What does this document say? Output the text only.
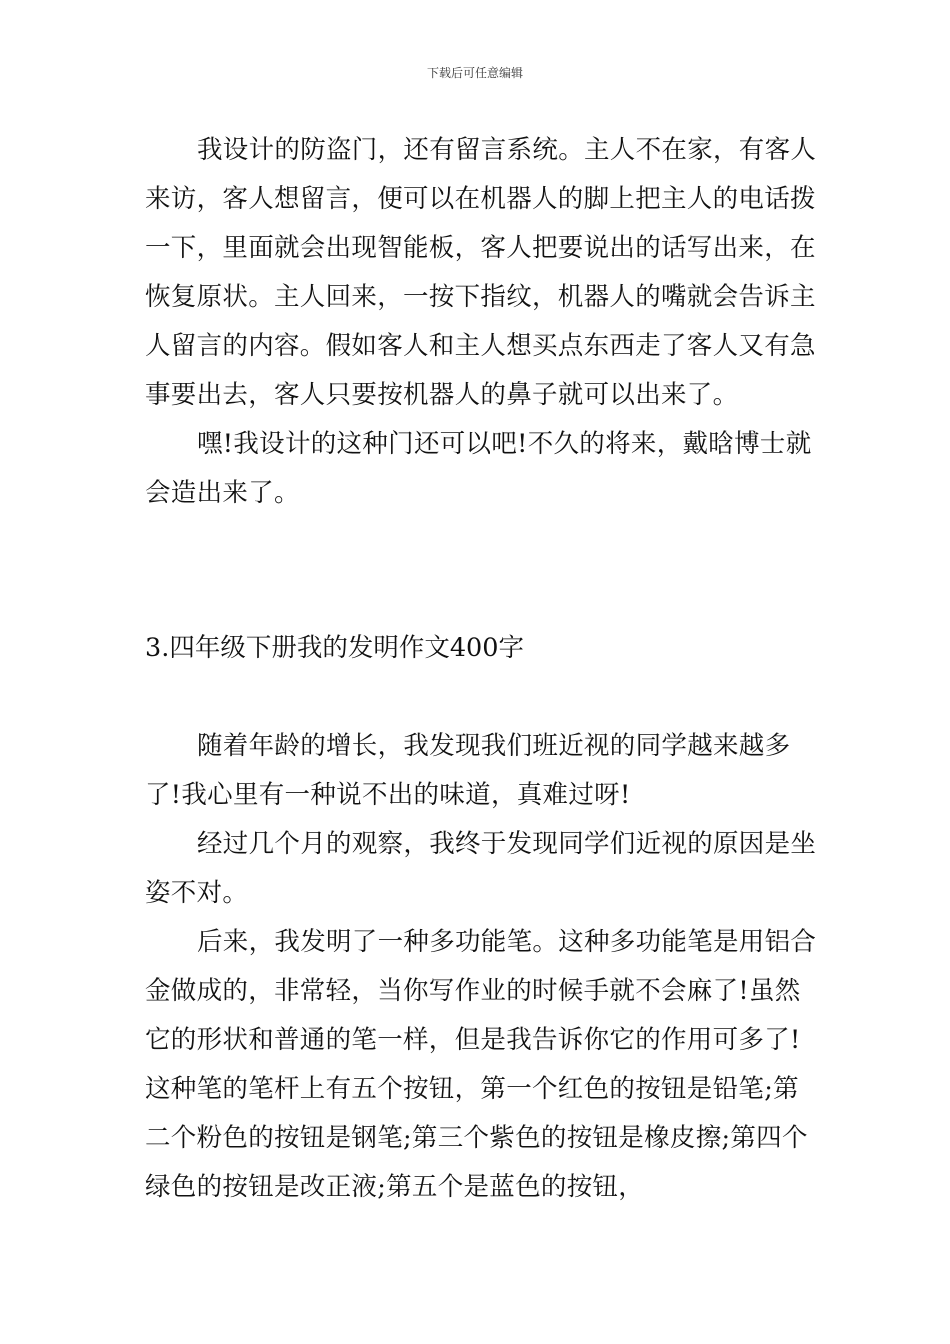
下载后可任意编辑

我设计的防盗门，还有留言系统。主人不在家，有客人来访，客人想留言，便可以在机器人的脚上把主人的电话拨一下，里面就会出现智能板，客人把要说出的话写出来，在恢复原状。主人回来，一按下指纹，机器人的嘴就会告诉主人留言的内容。假如客人和主人想买点东西走了客人又有急事要出去，客人只要按机器人的鼻子就可以出来了。

嘿!我设计的这种门还可以吧!不久的将来，戴晗博士就会造出来了。

3.四年级下册我的发明作文400字

随着年龄的增长，我发现我们班近视的同学越来越多了!我心里有一种说不出的味道，真难过呀!

经过几个月的观察，我终于发现同学们近视的原因是坐姿不对。

后来，我发明了一种多功能笔。这种多功能笔是用铝合金做成的，非常轻，当你写作业的时候手就不会麻了!虽然它的形状和普通的笔一样，但是我告诉你它的作用可多了!这种笔的笔杆上有五个按钮，第一个红色的按钮是铅笔;第二个粉色的按钮是钢笔;第三个紫色的按钮是橡皮擦;第四个绿色的按钮是改正液;第五个是蓝色的按钮，
